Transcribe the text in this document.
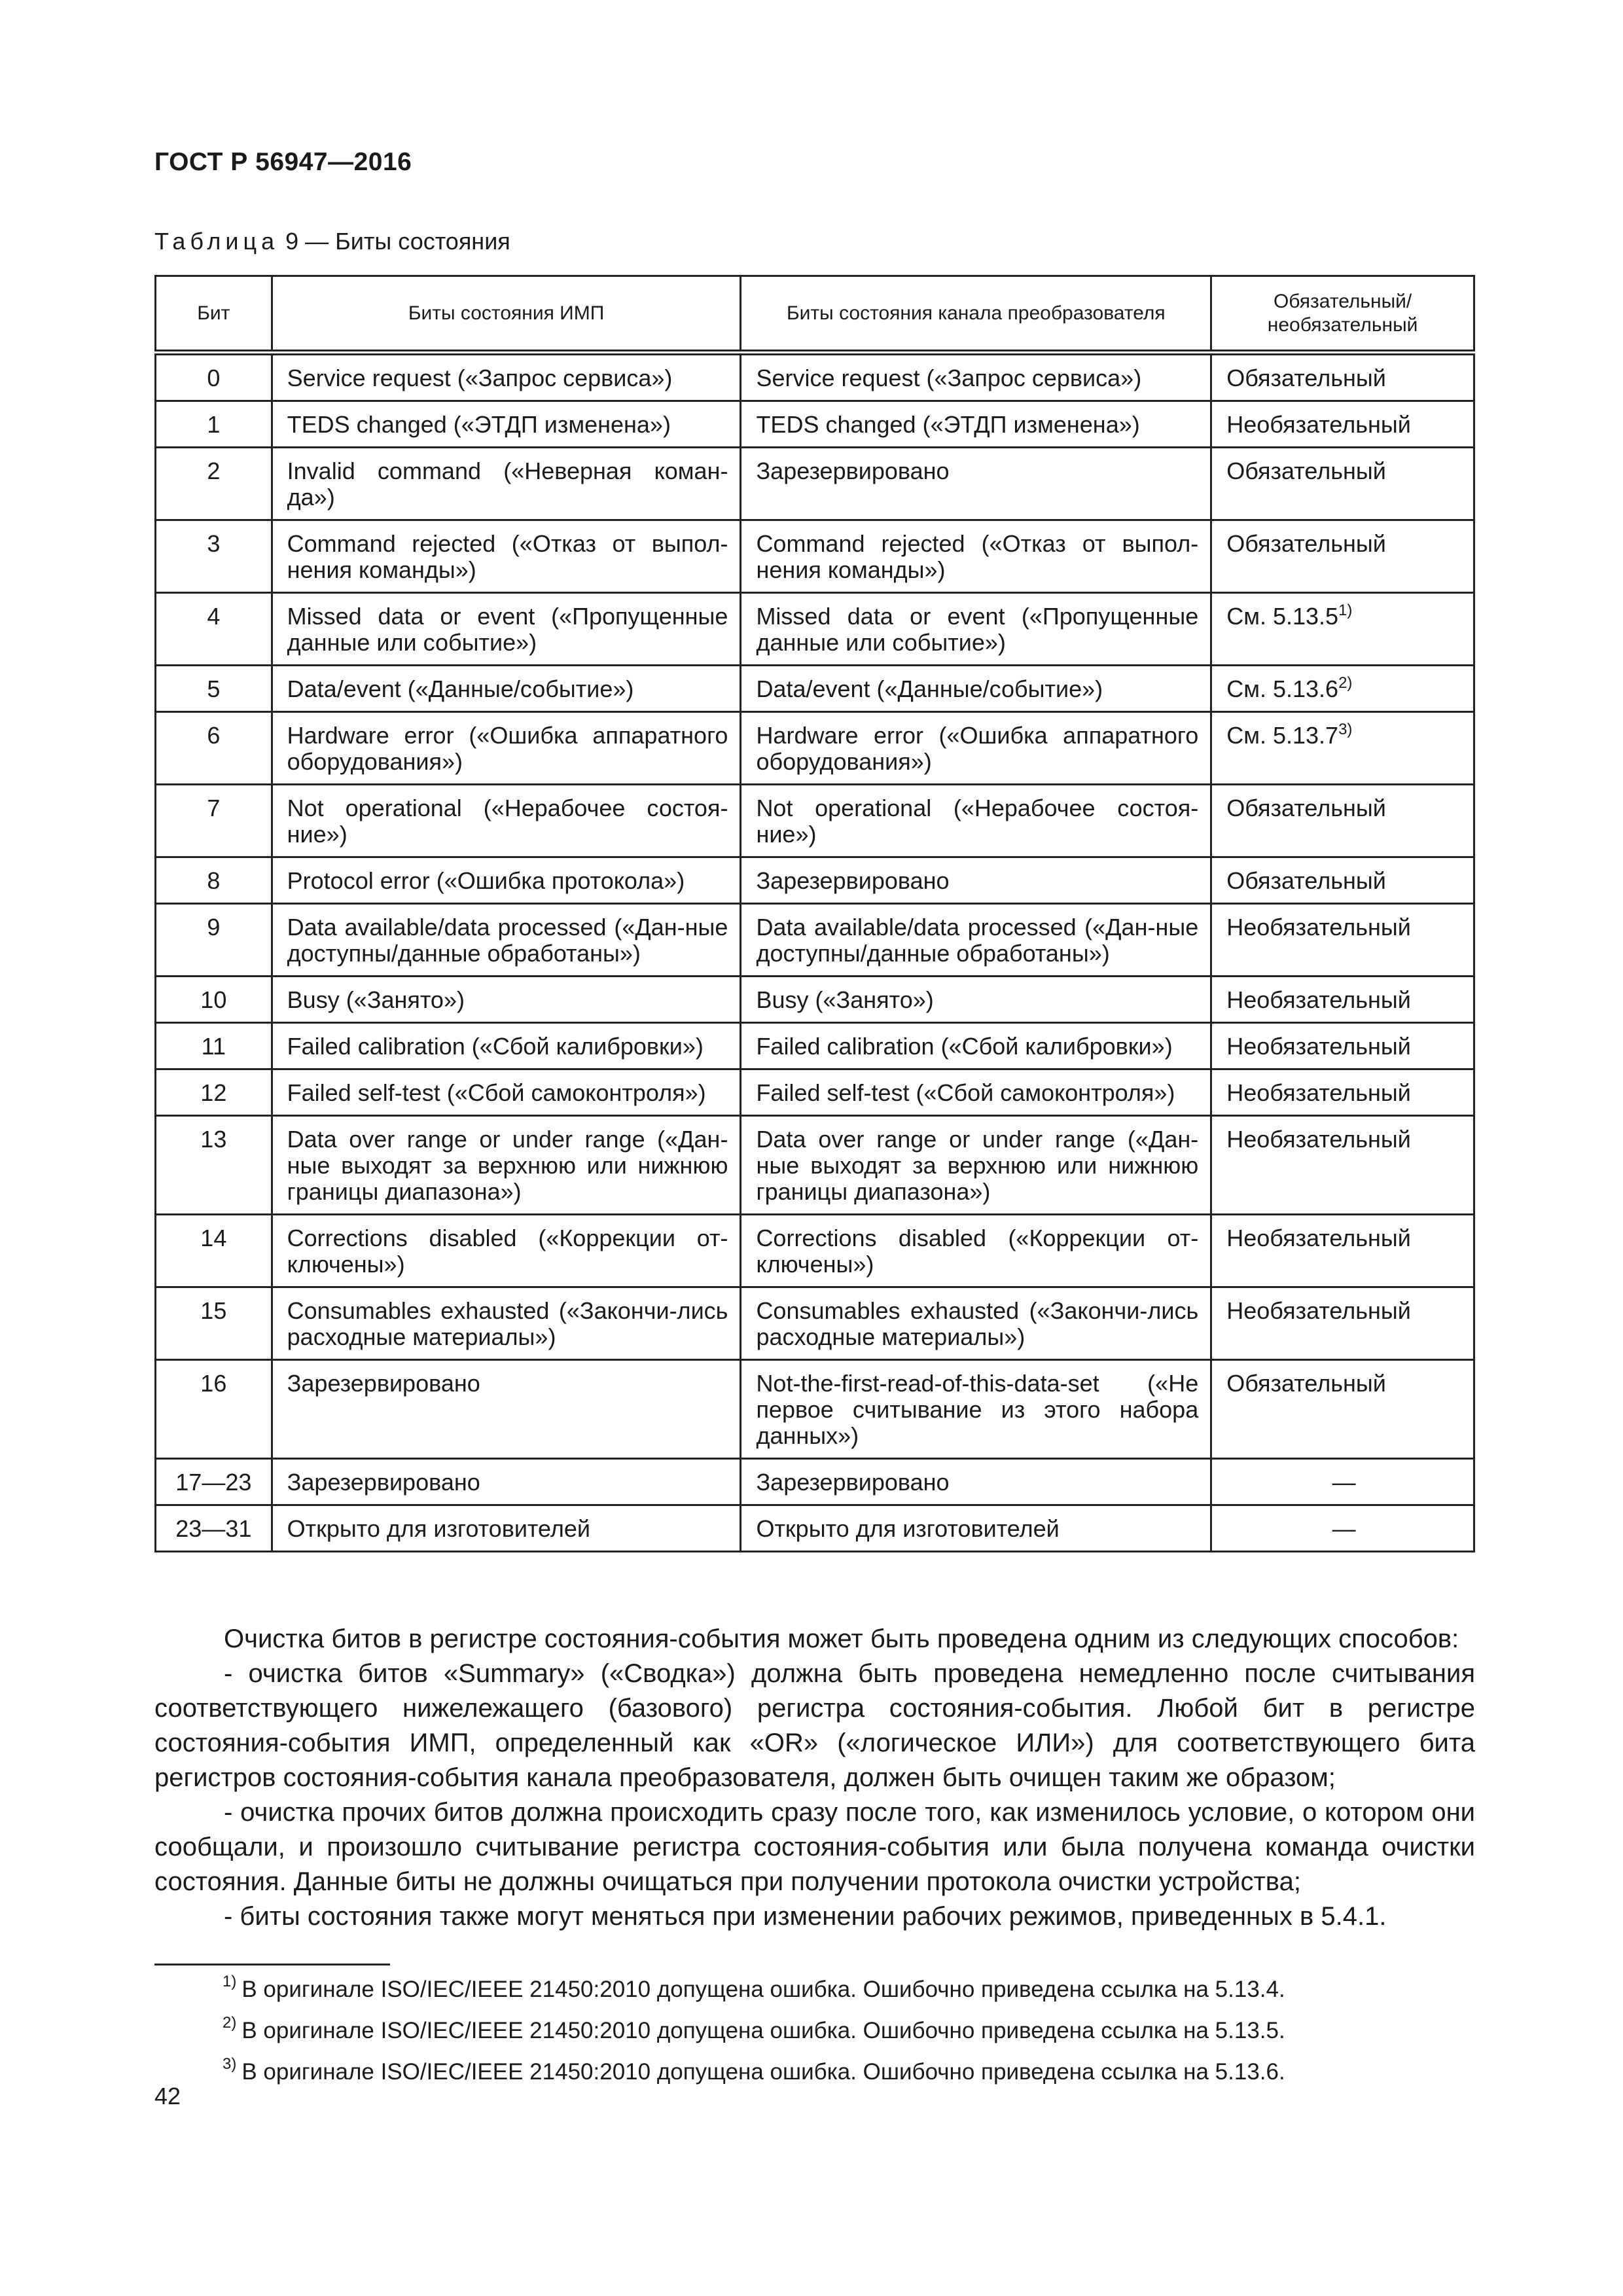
ГОСТ Р 56947—2016
Таблица 9 — Биты состояния
Бит	Биты состояния ИМП	Биты состояния канала преобразователя	Обязательный/ необязательный
0	Service request («Запрос сервиса»)	Service request («Запрос сервиса»)	Обязательный
1	TEDS changed («ЭТДП изменена»)	TEDS changed («ЭТДП изменена»)	Необязательный
2	Invalid command («Неверная коман-да»)	Зарезервировано	Обязательный
3	Command rejected («Отказ от выпол-нения команды»)	Command rejected («Отказ от выпол-нения команды»)	Обязательный
4	Missed data or event («Пропущенные данные или событие»)	Missed data or event («Пропущенные данные или событие»)	См. 5.13.5$^{1)}$
5	Data/event («Данные/событие»)	Data/event («Данные/событие»)	См. 5.13.6$^{2)}$
6	Hardware error («Ошибка аппаратного оборудования»)	Hardware error («Ошибка аппаратного оборудования»)	См. 5.13.7$^{3)}$
7	Not operational («Нерабочее состоя-ние»)	Not operational («Нерабочее состоя-ние»)	Обязательный
8	Protocol error («Ошибка протокола»)	Зарезервировано	Обязательный
9	Data available/data processed («Дан-ные доступны/данные обработаны»)	Data available/data processed («Дан-ные доступны/данные обработаны»)	Необязательный
10	Busy («Занято»)	Busy («Занято»)	Необязательный
11	Failed calibration («Сбой калибровки»)	Failed calibration («Сбой калибровки»)	Необязательный
12	Failed self-test («Сбой самоконтроля»)	Failed self-test («Сбой самоконтроля»)	Необязательный
13	Data over range or under range («Дан-ные выходят за верхнюю или нижнюю границы диапазона»)	Data over range or under range («Дан-ные выходят за верхнюю или нижнюю границы диапазона»)	Необязательный
14	Corrections disabled («Коррекции от-ключены»)	Corrections disabled («Коррекции от-ключены»)	Необязательный
15	Consumables exhausted («Закончи-лись расходные материалы»)	Consumables exhausted («Закончи-лись расходные материалы»)	Необязательный
16	Зарезервировано	Not-the-first-read-of-this-data-set («Не первое считывание из этого набора данных»)	Обязательный
17—23	Зарезервировано	Зарезервировано	—
23—31	Открыто для изготовителей	Открыто для изготовителей	—

Очистка битов в регистре состояния-события может быть проведена одним из следующих способов:

- очистка битов «Summary» («Сводка») должна быть проведена немедленно после считывания соответствующего нижележащего (базового) регистра состояния-события. Любой бит в регистре состояния-события ИМП, определенный как «OR» («логическое ИЛИ») для соответствующего бита регистров состояния-события канала преобразователя, должен быть очищен таким же образом;

- очистка прочих битов должна происходить сразу после того, как изменилось условие, о котором они сообщали, и произошло считывание регистра состояния-события или была получена команда очистки состояния. Данные биты не должны очищаться при получении протокола очистки устройства;

- биты состояния также могут меняться при изменении рабочих режимов, приведенных в 5.4.1.

$^{1)}$ В оригинале ISO/IEC/IEEE 21450:2010 допущена ошибка. Ошибочно приведена ссылка на 5.13.4.
$^{2)}$ В оригинале ISO/IEC/IEEE 21450:2010 допущена ошибка. Ошибочно приведена ссылка на 5.13.5.
$^{3)}$ В оригинале ISO/IEC/IEEE 21450:2010 допущена ошибка. Ошибочно приведена ссылка на 5.13.6.
42
